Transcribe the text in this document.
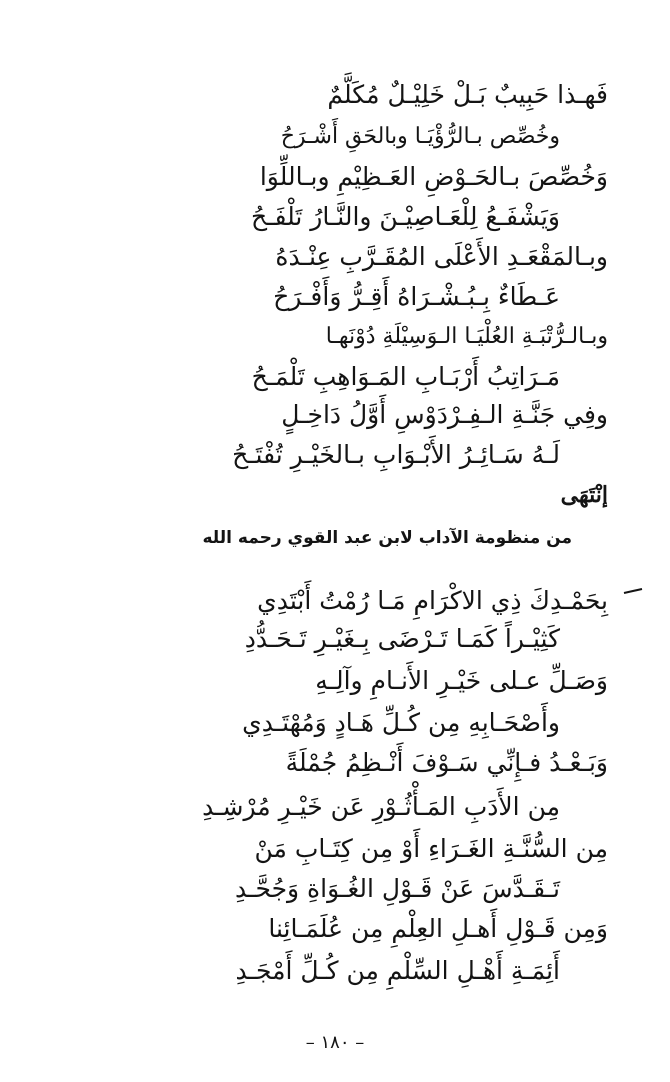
فَهـذا حَبِيبٌ بَـلْ خَلِيْـلٌ مُكَلَّمٌ
وخُصِّص بـالرُّؤْيَـا وبالحَقِ أَشْـرَحُ
وَخُصِّصَ بـالحَـوْضِ العَـظِيْمِ وبـاللِّوَا
وَيَشْفَـعُ لِلْعَـاصِيْـنَ والنَّـارُ تَلْفَـحُ
وبـالمَقْعَـدِ الأَعْلَى المُقَـرَّبِ عِنْـدَهُ
عَـطَاءٌ بِـبُـشْـرَاهُ أَقِـرُّ وَأَفْـرَحُ
وبـالـرُّتْبَـةِ العُلْيَـا الـوَسِيْلَةِ دُوْنَهـا
مَـرَاتِبُ أَرْبَـابِ المَـوَاهِبِ تَلْمَـحُ
وفِي جَنَّـةِ الـفِـرْدَوْسِ أَوَّلُ دَاخِـلٍ
لَـهُ سَـائِـرُ الأَبْـوَابِ بـالخَيْـرِ تُفْتَـحُ
إنْتَهَى
من منظومة الآداب لابن عبد القوي رحمه الله
بِحَمْـدِكَ ذِي الاكْرَامِ مَـا رُمْتُ أَبْتَدِي
كَثِيْـراً كَمَـا تَـرْضَى بِـغَيْـرِ تَـحَـدُّدِ
وَصَـلِّ عـلى خَيْـرِ الأَنـامِ وآلِـهِ
وأَصْحَـابِهِ مِن كُـلِّ هَـادٍ وَمُهْتَـدِي
وَبَـعْـدُ فـإِنِّي سَـوْفَ أَنْـظِمُ جُمْلَةً
مِن الأَدَبِ المَـأْثُـوْرِ عَن خَيْـرِ مُرْشِـدِ
مِن السُّنَّـةِ الغَـرَاءِ أَوْ مِن كِتَـابِ مَنْ
تَـقَـدَّسَ عَنْ قَـوْلِ الغُـوَاةِ وَجُحَّـدِ
وَمِن قَـوْلِ أَهـلِ العِلْمِ مِن عُلَمَـائِنا
أَئِمَـةِ أَهْـلِ السِّلْمِ مِن كُـلِّ أَمْجَـدِ
– ١٨٠ –
